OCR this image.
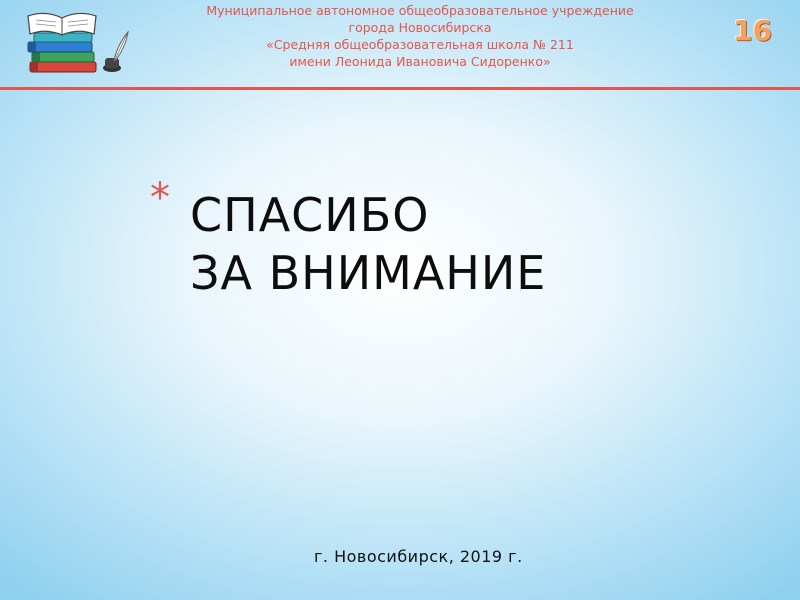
Муниципальное автономное общеобразовательное учреждение
города Новосибирска
«Средняя общеобразовательная школа № 211
имени Леонида Ивановича Сидоренко»
16
* СПАСИБО
ЗА ВНИМАНИЕ
г. Новосибирск, 2019 г.
